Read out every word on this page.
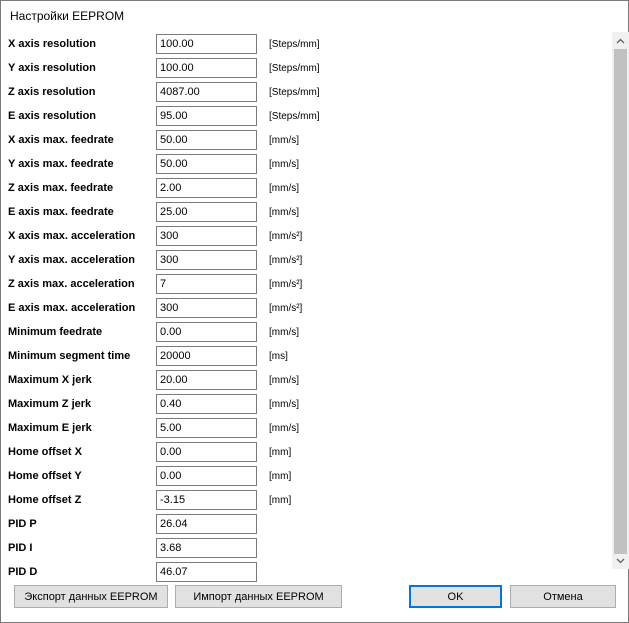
Настройки EEPROM
X axis resolution
100.00	[Steps/mm]
Y axis resolution
100.00	[Steps/mm]
Z axis resolution
4087.00	[Steps/mm]
E axis resolution
95.00	[Steps/mm]
X axis max. feedrate
50.00	[mm/s]
Y axis max. feedrate
50.00	[mm/s]
Z axis max. feedrate
2.00	[mm/s]
E axis max. feedrate
25.00	[mm/s]
X axis max. acceleration
300	[mm/s²]
Y axis max. acceleration
300	[mm/s²]
Z axis max. acceleration
7	[mm/s²]
E axis max. acceleration
300	[mm/s²]
Minimum feedrate
0.00	[mm/s]
Minimum segment time
20000	[ms]
Maximum X jerk
20.00	[mm/s]
Maximum Z jerk
0.40	[mm/s]
Maximum E jerk
5.00	[mm/s]
Home offset X
0.00	[mm]
Home offset Y
0.00	[mm]
Home offset Z
-3.15	[mm]
PID P
26.04
PID I
3.68
PID D
46.07
Экспорт данных EEPROM	Импорт данных EEPROM	OK	Отмена
